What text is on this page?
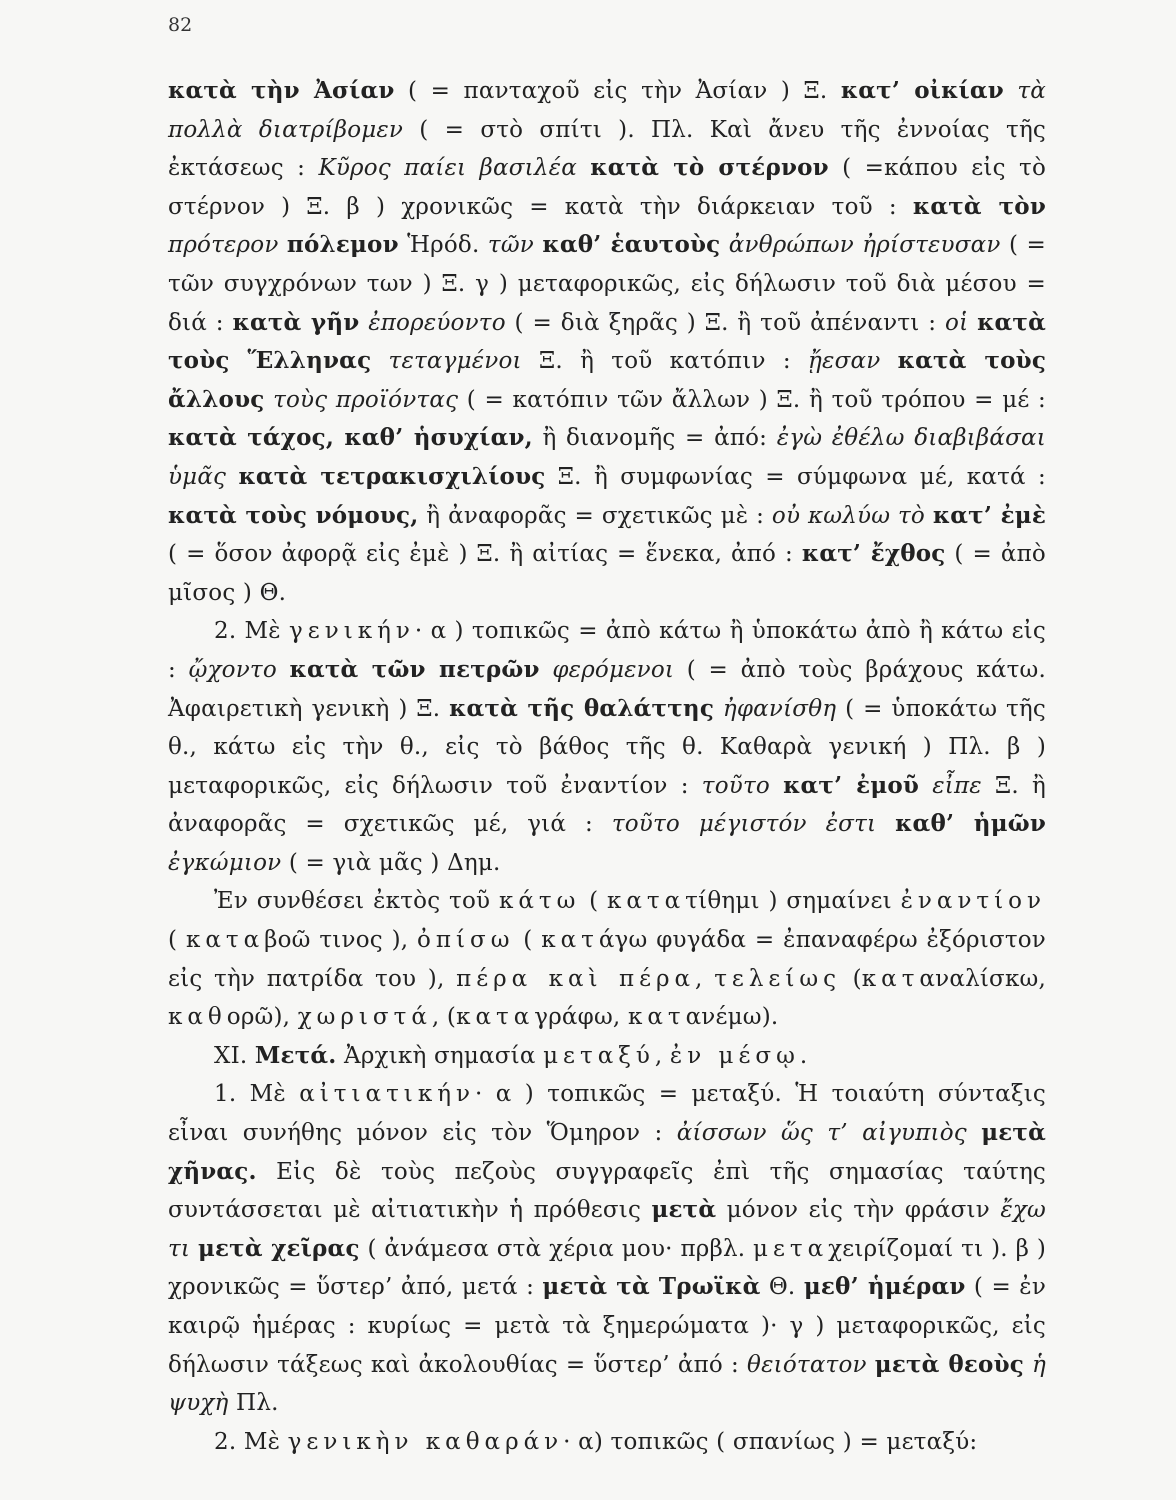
82

κατὰ τὴν Ἀσίαν ( = πανταχοῦ εἰς τὴν Ἀσίαν ) Ξ. κατ’ οἰκίαν τὰ πολλὰ διατρίβομεν ( = στὸ σπίτι ). Πλ. Καὶ ἄνευ τῆς ἐννοίας τῆς ἐκτάσεως : Κῦρος παίει βασιλέα κατὰ τὸ στέρνον ( =κάπου εἰς τὸ στέρνον ) Ξ. β ) χρονικῶς = κατὰ τὴν διάρκειαν τοῦ : κατὰ τὸν πρότερον πόλεμον Ἡρόδ. τῶν καθ’ ἑαυτοὺς ἀνθρώπων ἠρίστευσαν ( = τῶν συγχρόνων των ) Ξ. γ ) μεταφορικῶς, εἰς δήλωσιν τοῦ διὰ μέσου = διά : κατὰ γῆν ἐπορεύοντο ( = διὰ ξηρᾶς ) Ξ. ἢ τοῦ ἀπέναντι : οἱ κατὰ τοὺς Ἕλληνας τεταγμένοι Ξ. ἢ τοῦ κατόπιν : ᾔεσαν κατὰ τοὺς ἄλλους τοὺς προϊόντας ( = κατόπιν τῶν ἄλλων ) Ξ. ἢ τοῦ τρόπου = μέ : κατὰ τάχος, καθ’ ἡσυχίαν, ἢ διανομῆς = ἀπό: ἐγὼ ἐθέλω διαβιβάσαι ὑμᾶς κατὰ τετρακισχιλίους Ξ. ἢ συμφωνίας = σύμφωνα μέ, κατά : κατὰ τοὺς νόμους, ἢ ἀναφορᾶς = σχετικῶς μὲ : οὐ κωλύω τὸ κατ’ ἐμὲ ( = ὅσον ἀφορᾷ εἰς ἐμὲ ) Ξ. ἢ αἰτίας = ἕνεκα, ἀπό : κατ’ ἔχθος ( = ἀπὸ μῖσος ) Θ.

2. Μὲ γενικήν· α ) τοπικῶς = ἀπὸ κάτω ἢ ὑποκάτω ἀπὸ ἢ κάτω εἰς : ᾤχοντο κατὰ τῶν πετρῶν φερόμενοι ( = ἀπὸ τοὺς βράχους κάτω. Ἀφαιρετικὴ γενικὴ ) Ξ. κατὰ τῆς θαλάττης ἠφανίσθη ( = ὑποκάτω τῆς θ., κάτω εἰς τὴν θ., εἰς τὸ βάθος τῆς θ. Καθαρὰ γενική ) Πλ. β ) μεταφορικῶς, εἰς δήλωσιν τοῦ ἐναντίον : τοῦτο κατ’ ἐμοῦ εἶπε Ξ. ἢ ἀναφορᾶς = σχετικῶς μέ, γιά : τοῦτο μέγιστόν ἐστι καθ’ ἡμῶν ἐγκώμιον ( = γιὰ μᾶς ) Δημ.

Ἐν συνθέσει ἐκτὸς τοῦ κάτω ( κατατίθημι ) σημαίνει ἐναντίον ( καταβοῶ τινος ), ὀπίσω ( κατάγω φυγάδα = ἐπαναφέρω ἐξόριστον εἰς τὴν πατρίδα του ), πέρα καὶ πέρα, τελείως (καταναλίσκω, καθορῶ), χωριστά, (καταγράφω, κατανέμω).

XI. Μετά. Ἀρχικὴ σημασία μεταξύ, ἐν μέσῳ.

1. Μὲ αἰτιατικήν· α ) τοπικῶς = μεταξύ. Ἡ τοιαύτη σύνταξις εἶναι συνήθης μόνον εἰς τὸν Ὅμηρον : ἀίσσων ὥς τ’ αἰγυπιὸς μετὰ χῆνας. Εἰς δὲ τοὺς πεζοὺς συγγραφεῖς ἐπὶ τῆς σημασίας ταύτης συντάσσεται μὲ αἰτιατικὴν ἡ πρόθεσις μετὰ μόνον εἰς τὴν φράσιν ἔχω τι μετὰ χεῖρας ( ἀνάμεσα στὰ χέρια μου· πρβλ. μεταχειρίζομαί τι ). β ) χρονικῶς = ὕστερ’ ἀπό, μετά : μετὰ τὰ Τρωϊκὰ Θ. μεθ’ ἡμέραν ( = ἐν καιρῷ ἡμέρας : κυρίως = μετὰ τὰ ξημερώματα )· γ ) μεταφορικῶς, εἰς δήλωσιν τάξεως καὶ ἀκολουθίας = ὕστερ’ ἀπό : θειότατον μετὰ θεοὺς ἡ ψυχὴ Πλ.

2. Μὲ γενικὴν καθαράν· α) τοπικῶς ( σπανίως ) = μεταξύ:
